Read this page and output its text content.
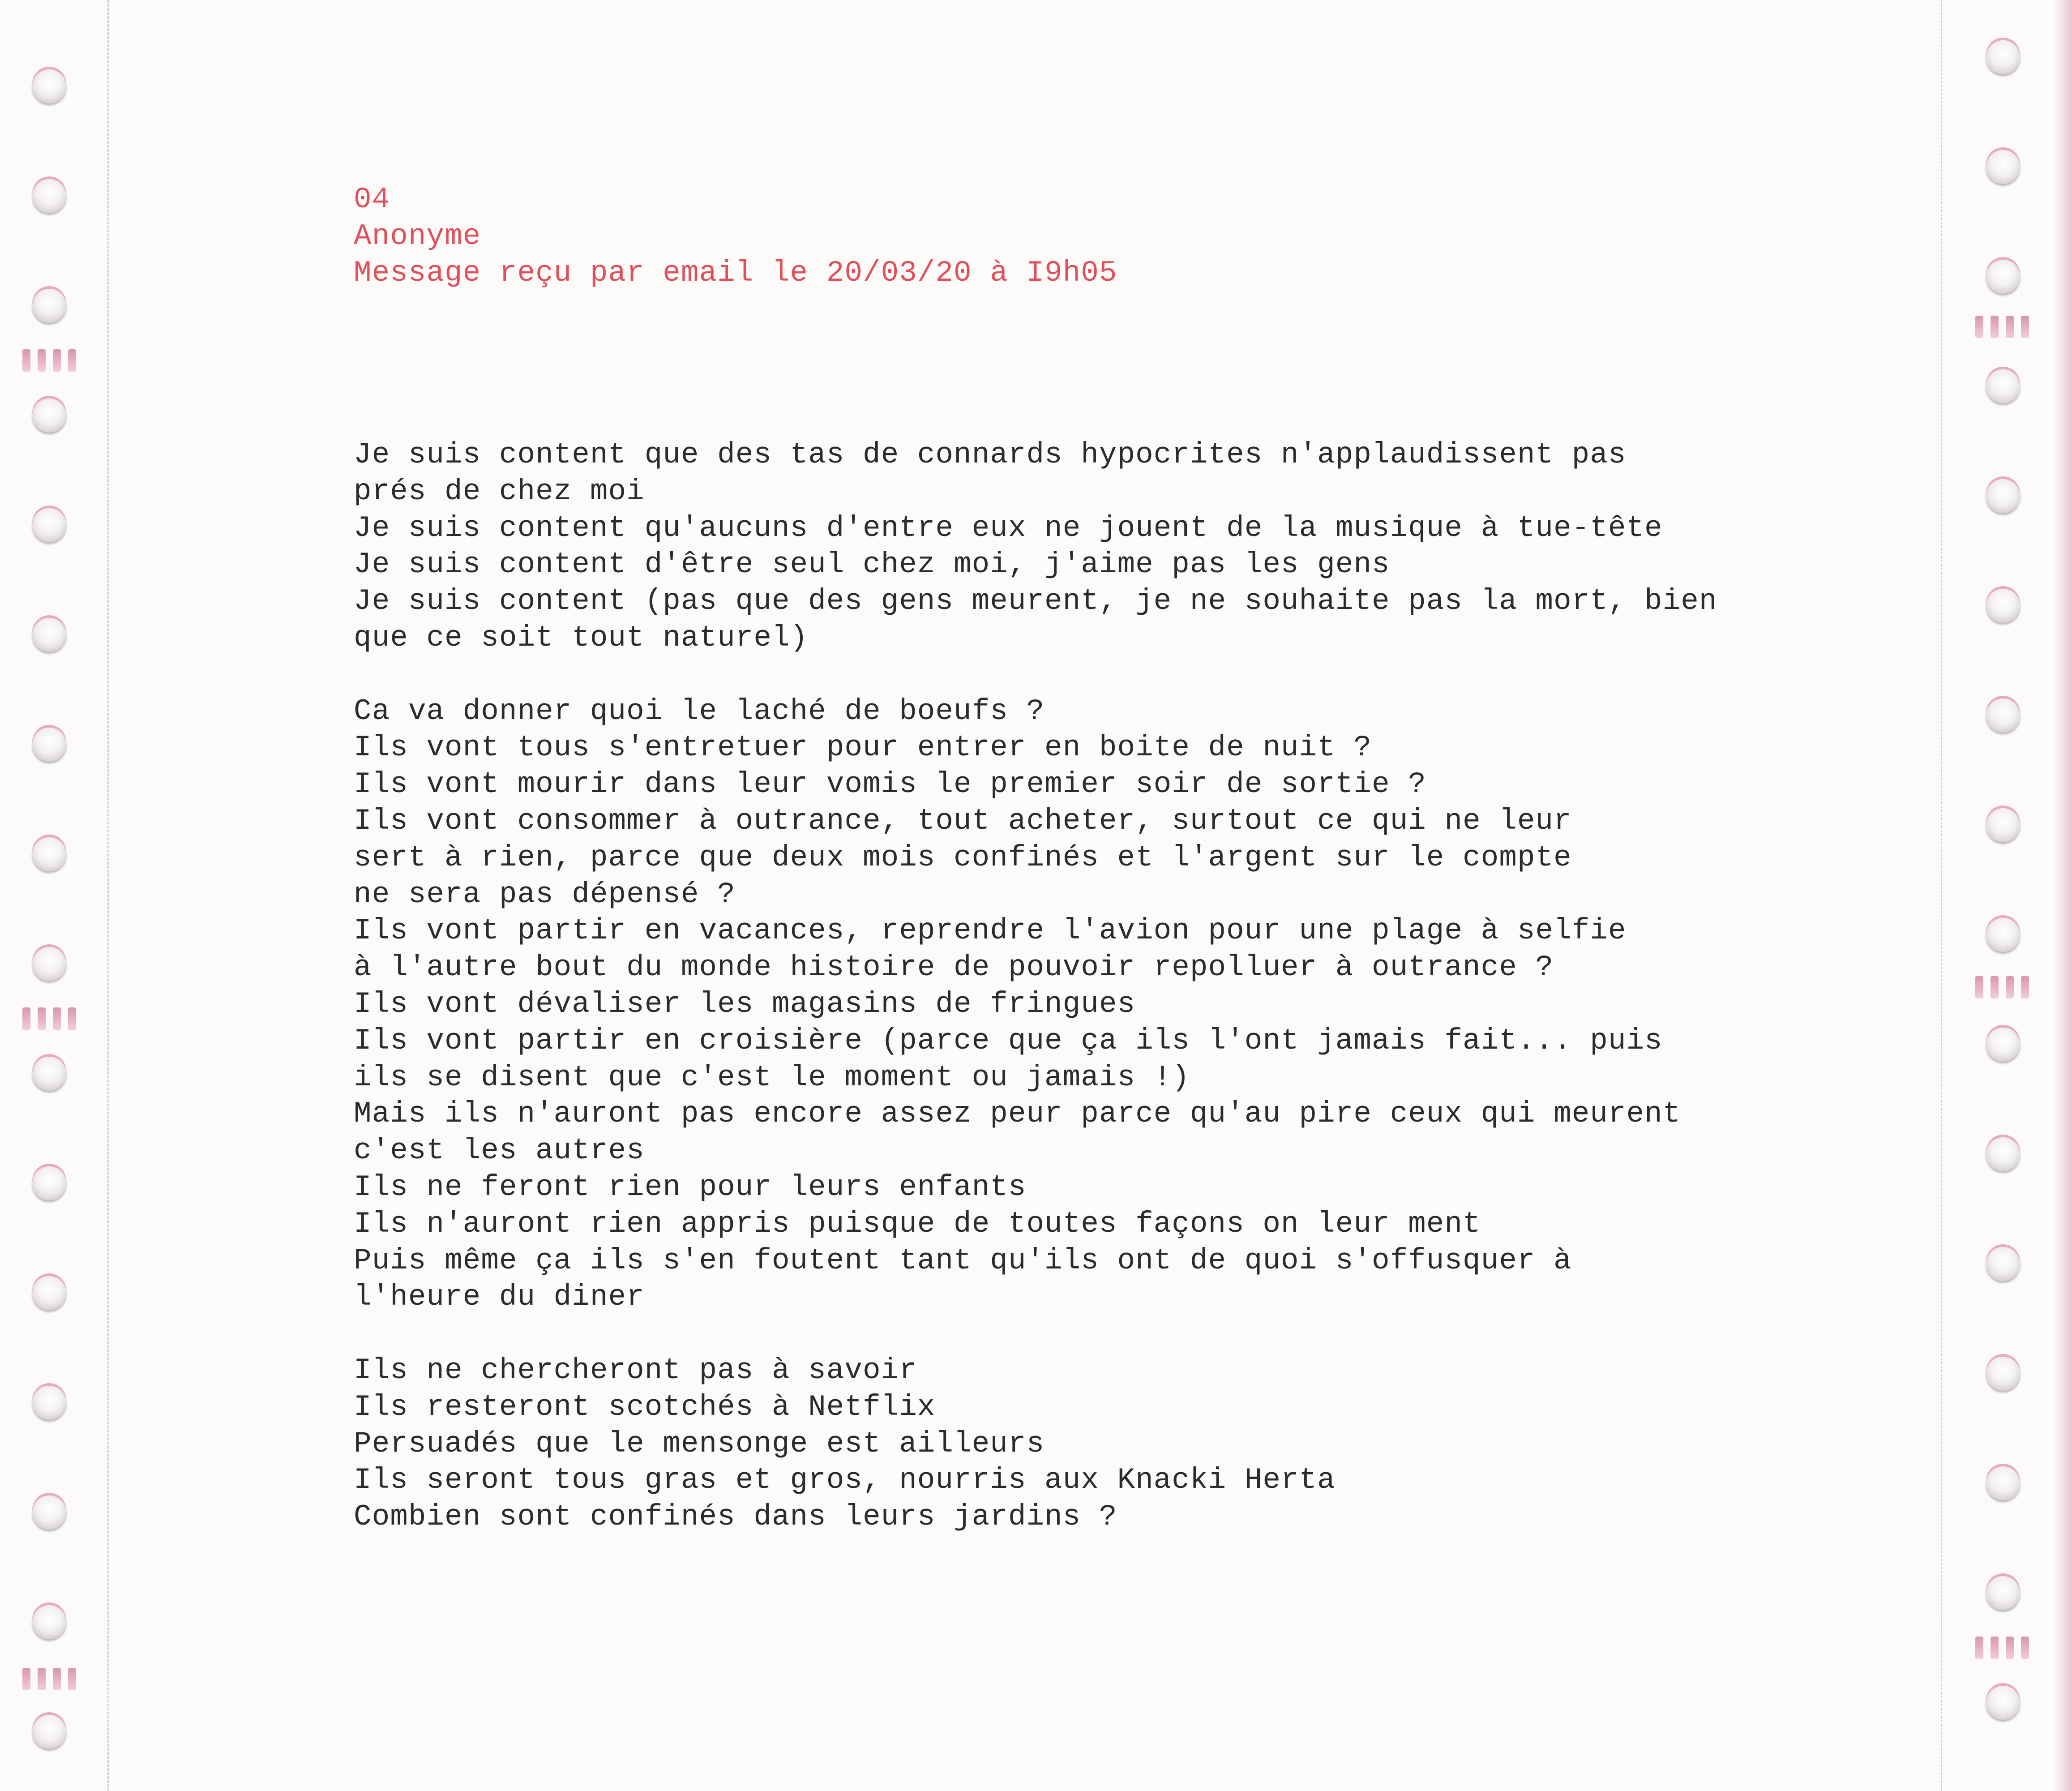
04
Anonyme
Message reçu par email le 20/03/20 à I9h05
Je suis content que des tas de connards hypocrites n'applaudissent pas
prés de chez moi
Je suis content qu'aucuns d'entre eux ne jouent de la musique à tue-tête
Je suis content d'être seul chez moi, j'aime pas les gens
Je suis content (pas que des gens meurent, je ne souhaite pas la mort, bien
que ce soit tout naturel)
Ca va donner quoi le laché de boeufs ?
Ils vont tous s'entretuer pour entrer en boite de nuit ?
Ils vont mourir dans leur vomis le premier soir de sortie ?
Ils vont consommer à outrance, tout acheter, surtout ce qui ne leur
sert à rien, parce que deux mois confinés et l'argent sur le compte
ne sera pas dépensé ?
Ils vont partir en vacances, reprendre l'avion pour une plage à selfie
à l'autre bout du monde histoire de pouvoir repolluer à outrance ?
Ils vont dévaliser les magasins de fringues
Ils vont partir en croisière (parce que ça ils l'ont jamais fait... puis
ils se disent que c'est le moment ou jamais !)
Mais ils n'auront pas encore assez peur parce qu'au pire ceux qui meurent
c'est les autres
Ils ne feront rien pour leurs enfants
Ils n'auront rien appris puisque de toutes façons on leur ment
Puis même ça ils s'en foutent tant qu'ils ont de quoi s'offusquer à
l'heure du diner
Ils ne chercheront pas à savoir
Ils resteront scotchés à Netflix
Persuadés que le mensonge est ailleurs
Ils seront tous gras et gros, nourris aux Knacki Herta
Combien sont confinés dans leurs jardins ?
